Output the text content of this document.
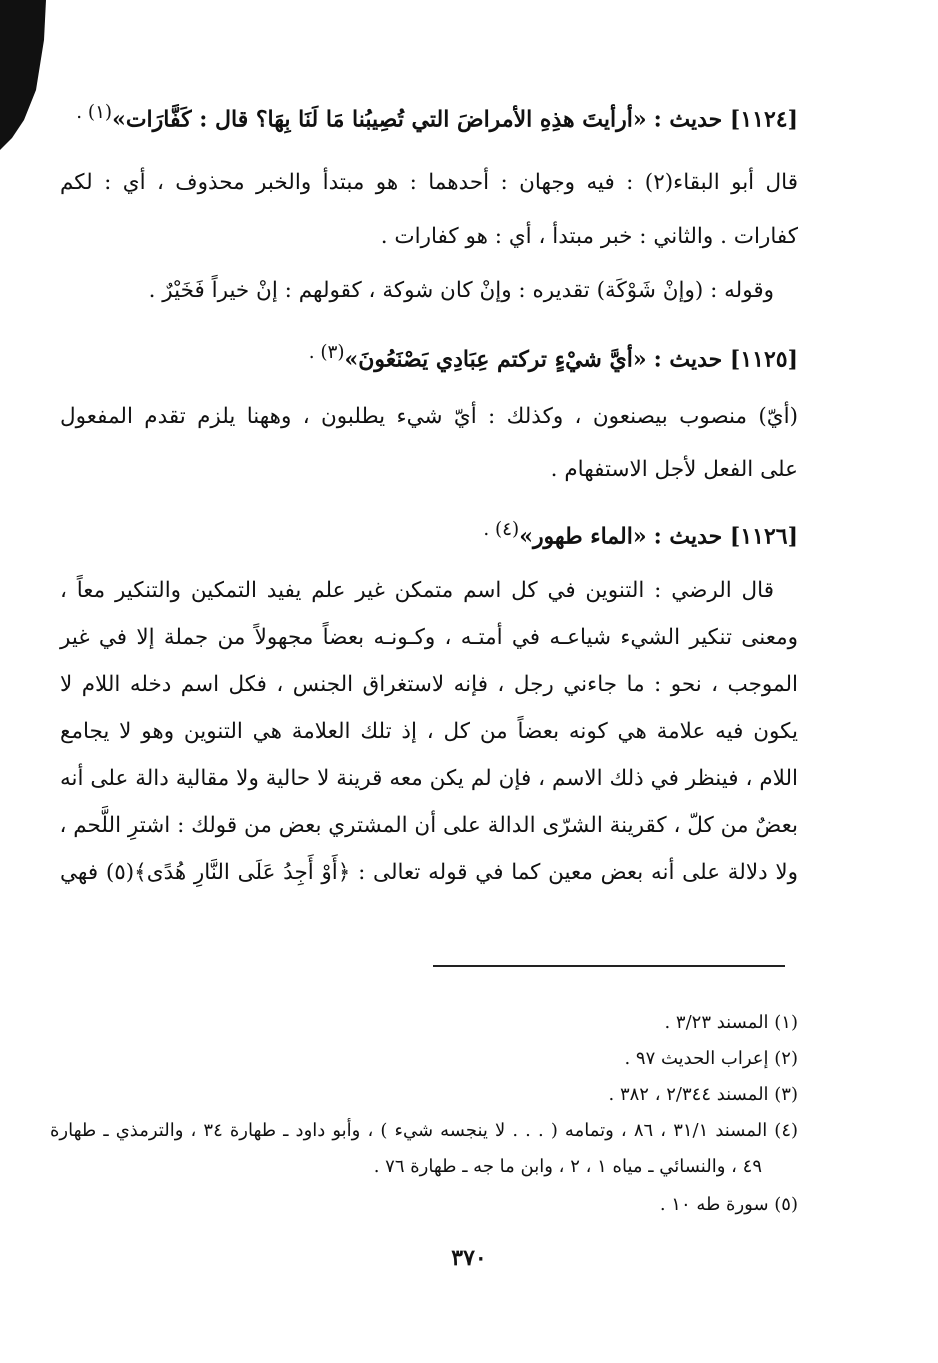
[١١٢٤] حديث : «أرأيتَ هذِهِ الأمراضَ التي تُصِيبُنا مَا لَنَا بِهَا؟ قال : كَفَّارَات»$^{(١) .}$
قال أبو البقاء(٢) : فيه وجهان : أحدهما : هو مبتدأ والخبر محذوف ، أي : لكم
كفارات . والثاني : خبر مبتدأ ، أي : هو كفارات .
وقوله : (وإنْ شَوْكَة) تقديره : وإنْ كان شوكة ، كقولهم : إنْ خيراً فَخَيْرٌ .
[١١٢٥] حديث : «أيَّ شيْءٍ تركتم عِبَادِي يَصْنَعُونَ»$^{(٣) .}$
(أيّ) منصوب بيصنعون ، وكذلك : أيّ شيء يطلبون ، وههنا يلزم تقدم المفعول
على الفعل لأجل الاستفهام .
[١١٢٦] حديث : «الماء طهور»$^{(٤) .}$
قال الرضي : التنوين في كل اسم متمكن غير علم يفيد التمكين والتنكير معاً ،
ومعنى تنكير الشيء شياعـه في أمتـه ، وكـونـه بعضاً مجهولاً من جملة إلا في غير
الموجب ، نحو : ما جاءني رجل ، فإنه لاستغراق الجنس ، فكل اسم دخله اللام لا
يكون فيه علامة هي كونه بعضاً من كل ، إذ تلك العلامة هي التنوين وهو لا يجامع
اللام ، فينظر في ذلك الاسم ، فإن لم يكن معه قرينة لا حالية ولا مقالية دالة على أنه
بعضٌ من كلّ ، كقرينة الشرّى الدالة على أن المشتري بعض من قولك : اشترِ اللَّحم ،
ولا دلالة على أنه بعض معين كما في قوله تعالى : ﴿أَوْ أَجِدُ عَلَى النَّارِ هُدًى﴾(٥) فهي
(١) المسند ٣/٢٣ .
(٢) إعراب الحديث ٩٧ .
(٣) المسند ٢/٣٤٤ ، ٣٨٢ .
(٤) المسند ٣١/١ ، ٨٦ ، وتمامه ( . . . لا ينجسه شيء ) ، وأبو داود ـ طهارة ٣٤ ، والترمذي ـ طهارة
٤٩ ، والنسائي ـ مياه ١ ، ٢ ، وابن ما جه ـ طهارة ٧٦ .
(٥) سورة طه ١٠ .
٣٧٠
